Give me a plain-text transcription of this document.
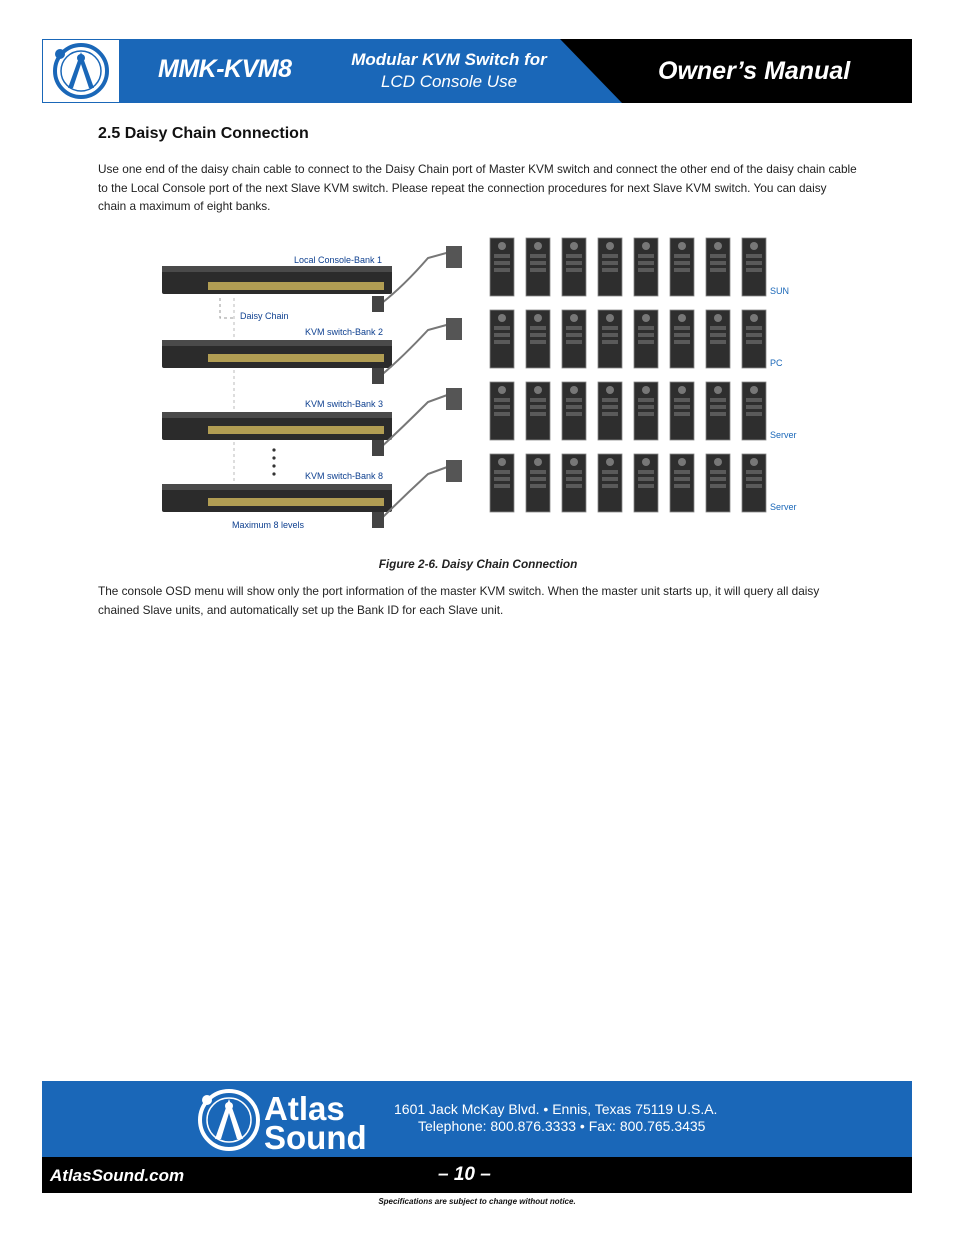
MMK-KVM8	Modular KVM Switch for
LCD Console Use	Owner’s Manual
2.5 Daisy Chain Connection
Use one end of the daisy chain cable to connect to the Daisy Chain port of Master KVM switch and connect the other end of the daisy chain cable to the Local Console port of the next Slave KVM switch. Please repeat the connection procedures for next Slave KVM switch. You can daisy chain a maximum of eight banks.
Local Console-Bank 1
Daisy Chain
KVM switch-Bank 2
KVM switch-Bank 3
KVM switch-Bank 8
Maximum 8 levels
SUN
PC
Server
Server
Figure 2-6. Daisy Chain Connection
The console OSD menu will show only the port information of the master KVM switch. When the master unit starts up, it will query all daisy chained Slave units, and automatically set up the Bank ID for each Slave unit.
Atlas
Sound
1601 Jack McKay Blvd. • Ennis, Texas 75119 U.S.A.
Telephone: 800.876.3333 • Fax: 800.765.3435
AtlasSound.com	– 10 –
Specifications are subject to change without notice.
